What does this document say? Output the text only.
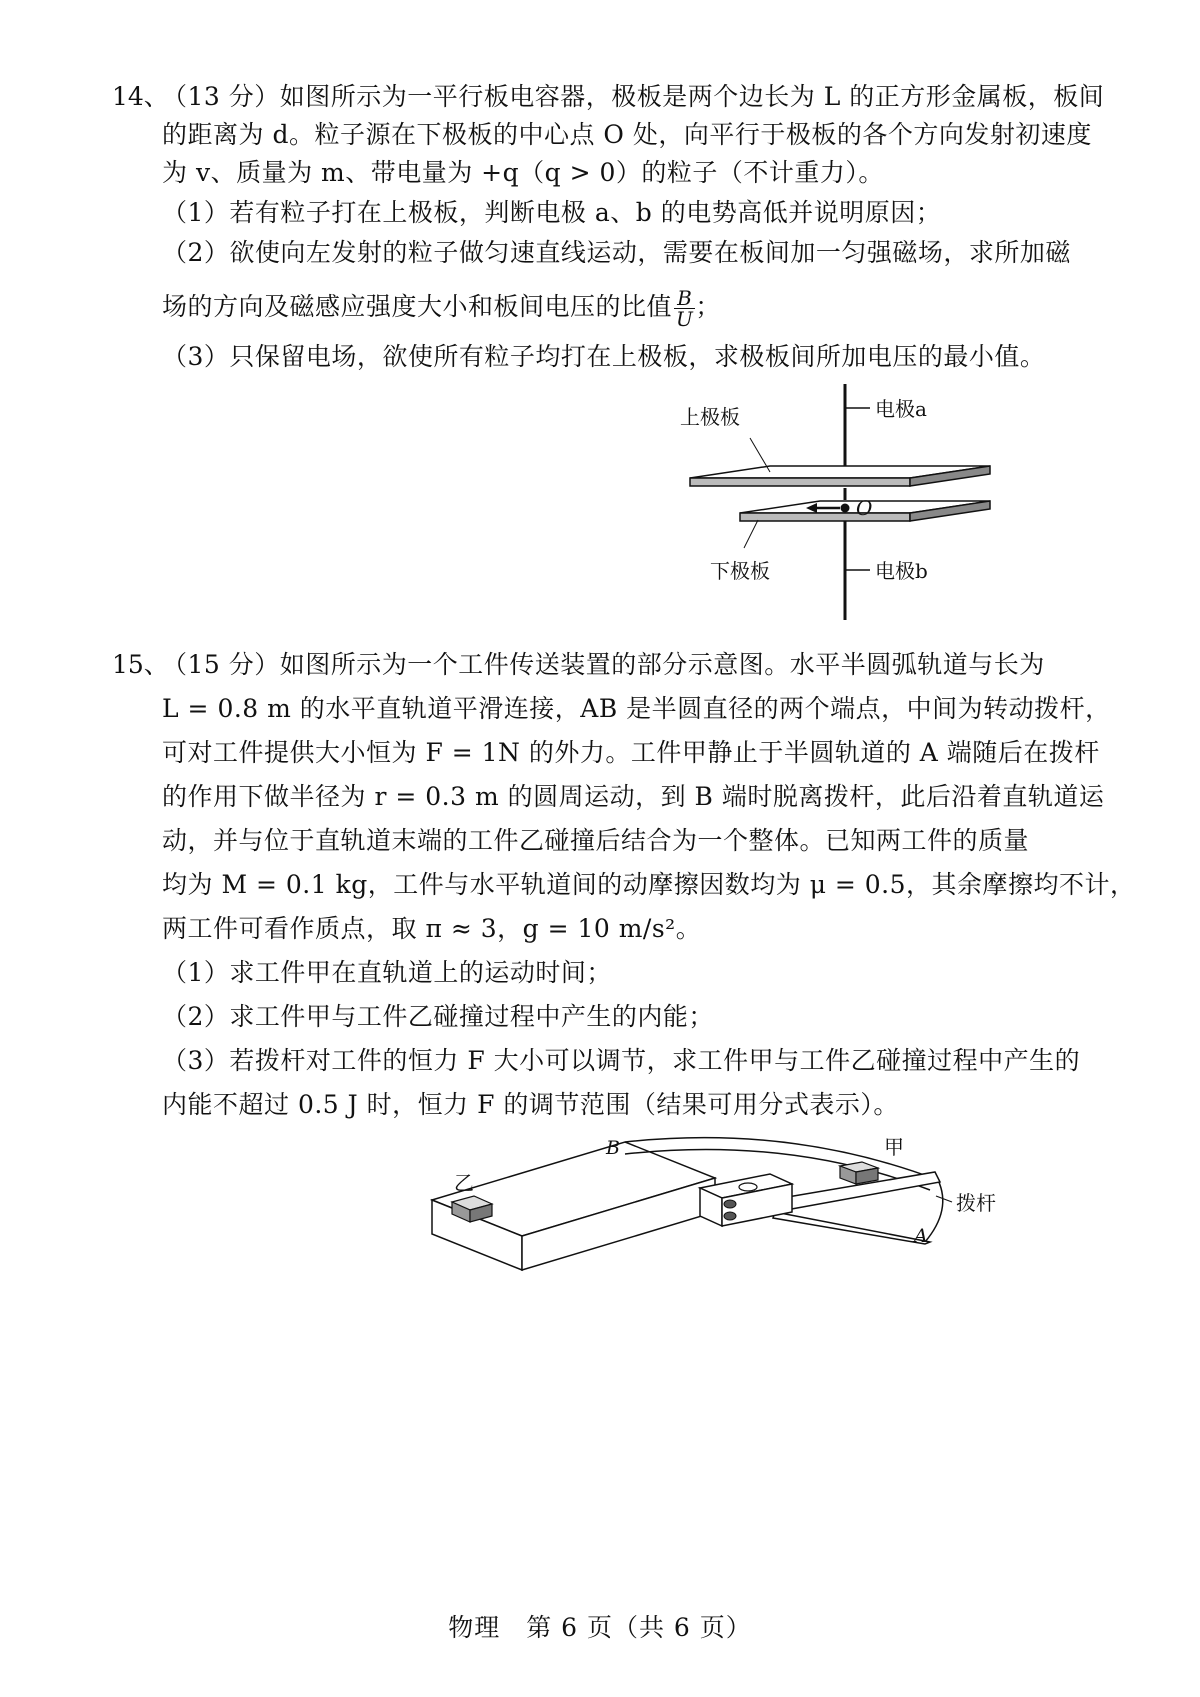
14、
（13 分）如图所示为一平行板电容器，极板是两个边长为 L 的正方形金属板，板间
的距离为 d。粒子源在下极板的中心点 O 处，向平行于极板的各个方向发射初速度
为 v、质量为 m、带电量为 +q（q > 0）的粒子（不计重力）。
（1）若有粒子打在上极板，判断电极 a、b 的电势高低并说明原因；
（2）欲使向左发射的粒子做匀速直线运动，需要在板间加一匀强磁场，求所加磁
场的方向及磁感应强度大小和板间电压的比值 $\frac{B}{U}$ ；
（3）只保留电场，欲使所有粒子均打在上极板，求极板间所加电压的最小值。
O
上极板
下极板
电极a
电极b
15、
（15 分）如图所示为一个工件传送装置的部分示意图。水平半圆弧轨道与长为
L = 0.8 m 的水平直轨道平滑连接，AB 是半圆直径的两个端点，中间为转动拨杆，
可对工件提供大小恒为 F = 1N 的外力。工件甲静止于半圆轨道的 A 端随后在拨杆
的作用下做半径为 r = 0.3 m 的圆周运动，到 B 端时脱离拨杆，此后沿着直轨道运
动，并与位于直轨道末端的工件乙碰撞后结合为一个整体。已知两工件的质量
均为 M = 0.1 kg，工件与水平轨道间的动摩擦因数均为 μ = 0.5，其余摩擦均不计，
两工件可看作质点，取 π ≈ 3，g = 10 m/s²。
（1）求工件甲在直轨道上的运动时间；
（2）求工件甲与工件乙碰撞过程中产生的内能；
（3）若拨杆对工件的恒力 F 大小可以调节，求工件甲与工件乙碰撞过程中产生的
内能不超过 0.5 J 时，恒力 F 的调节范围（结果可用分式表示）。
B
A
甲
乙
拨杆
物理　第 6 页（共 6 页）
